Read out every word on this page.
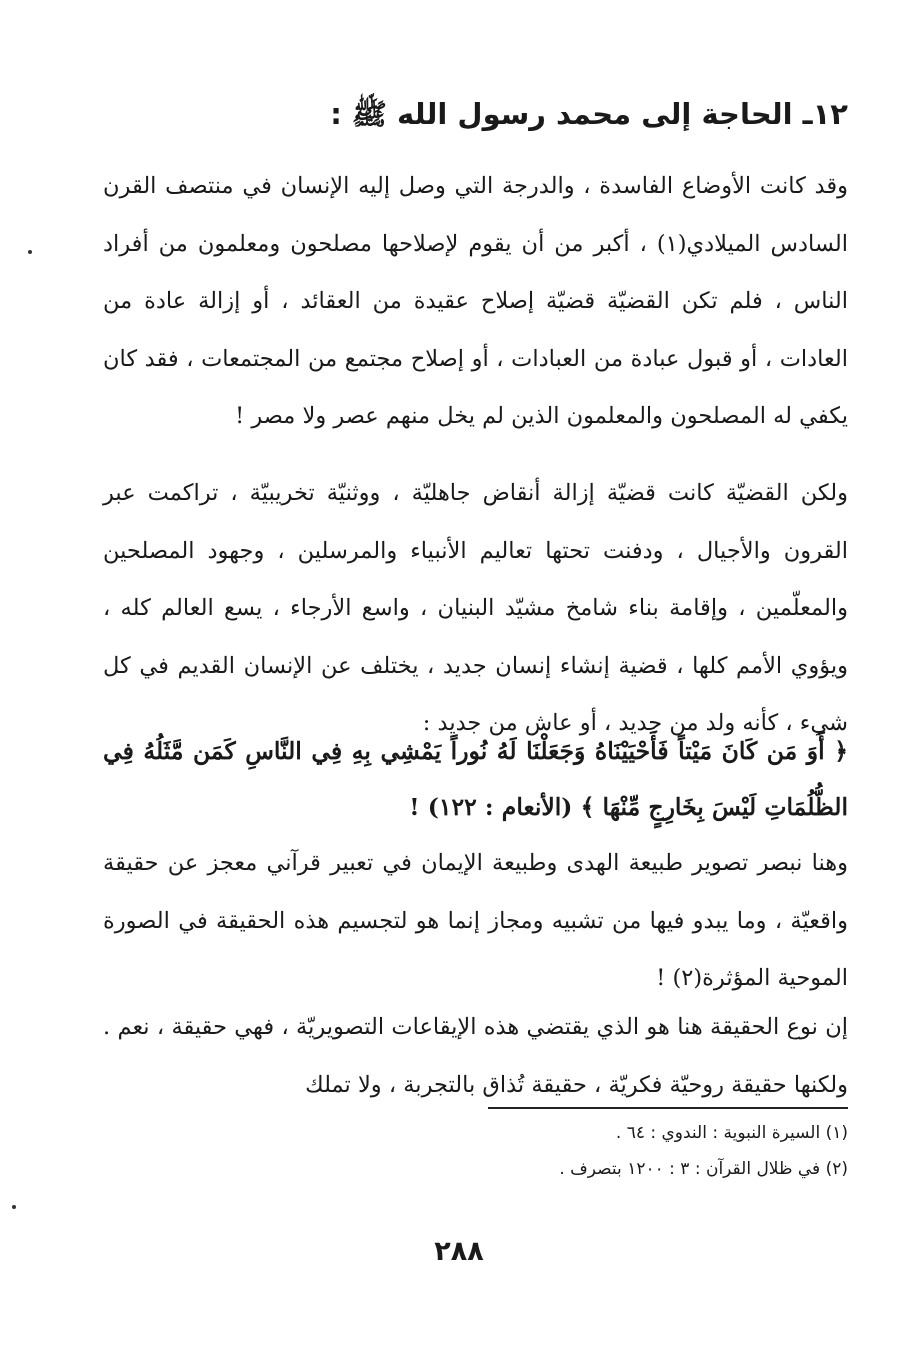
١٢ـ الحاجة إلى محمد رسول الله ﷺ :

وقد كانت الأوضاع الفاسدة ، والدرجة التي وصل إليه الإنسان في منتصف القرن السادس الميلادي(١) ، أكبر من أن يقوم لإصلاحها مصلحون ومعلمون من أفراد الناس ، فلم تكن القضيّة قضيّة إصلاح عقيدة من العقائد ، أو إزالة عادة من العادات ، أو قبول عبادة من العبادات ، أو إصلاح مجتمع من المجتمعات ، فقد كان يكفي له المصلحون والمعلمون الذين لم يخل منهم عصر ولا مصر !

ولكن القضيّة كانت قضيّة إزالة أنقاض جاهليّة ، ووثنيّة تخريبيّة ، تراكمت عبر القرون والأجيال ، ودفنت تحتها تعاليم الأنبياء والمرسلين ، وجهود المصلحين والمعلّمين ، وإقامة بناء شامخ مشيّد البنيان ، واسع الأرجاء ، يسع العالم كله ، ويؤوي الأمم كلها ، قضية إنشاء إنسان جديد ، يختلف عن الإنسان القديم في كل شيء ، كأنه ولد من جديد ، أو عاش من جديد :

﴿ أَوَ مَن كَانَ مَيْتاً فَأَحْيَيْنَاهُ وَجَعَلْنَا لَهُ نُوراً يَمْشِي بِهِ فِي النَّاسِ كَمَن مَّثَلُهُ فِي الظُّلُمَاتِ لَيْسَ بِخَارِجٍ مِّنْهَا ﴾ (الأنعام : ١٢٢) !

وهنا نبصر تصوير طبيعة الهدى وطبيعة الإيمان في تعبير قرآني معجز عن حقيقة واقعيّة ، وما يبدو فيها من تشبيه ومجاز إنما هو لتجسيم هذه الحقيقة في الصورة الموحية المؤثرة(٢) !

إن نوع الحقيقة هنا هو الذي يقتضي هذه الإيقاعات التصويريّة ، فهي حقيقة ، نعم . ولكنها حقيقة روحيّة فكريّة ، حقيقة تُذاق بالتجربة ، ولا تملك

(١) السيرة النبوية : الندوي : ٦٤ .
(٢) في ظلال القرآن : ٣ : ١٢٠٠ بتصرف .
٢٨٨
